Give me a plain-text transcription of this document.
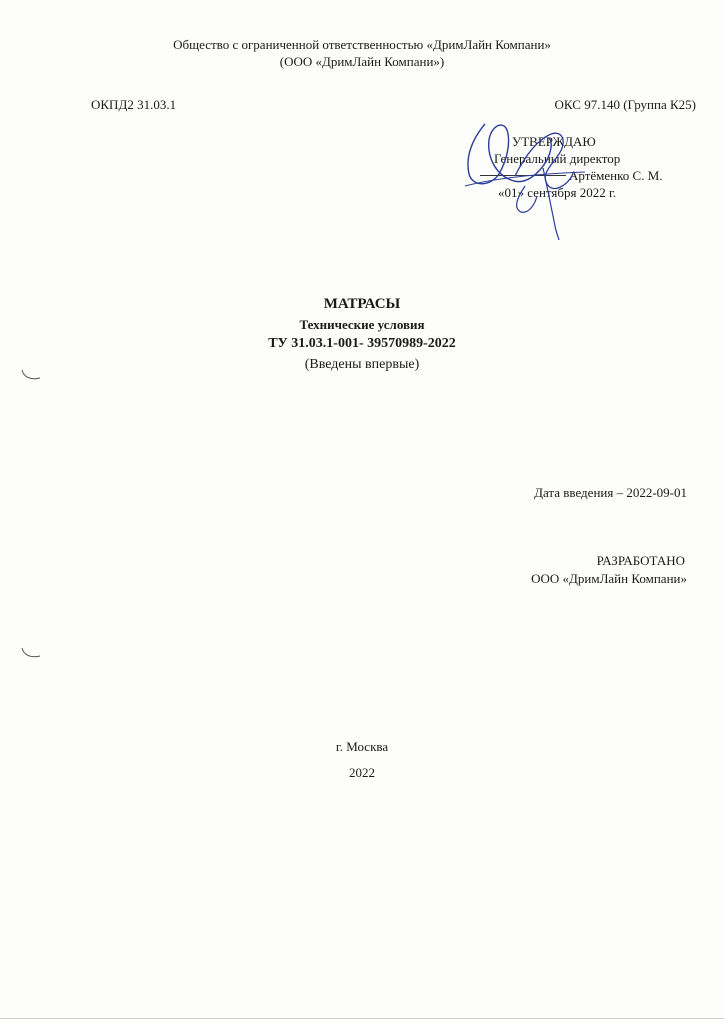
Общество с ограниченной ответственностью «ДримЛайн Компани»
(ООО «ДримЛайн Компани»)
ОКПД2 31.03.1	ОКС 97.140 (Группа К25)
УТВЕРЖДАЮ
Генеральный директор
Артёменко С. М.
«01» сентября 2022 г.
МАТРАСЫ
Технические условия
ТУ 31.03.1-001- 39570989-2022
(Введены впервые)
Дата введения – 2022-09-01
РАЗРАБОТАНО
ООО «ДримЛайн Компани»
г. Москва
2022
